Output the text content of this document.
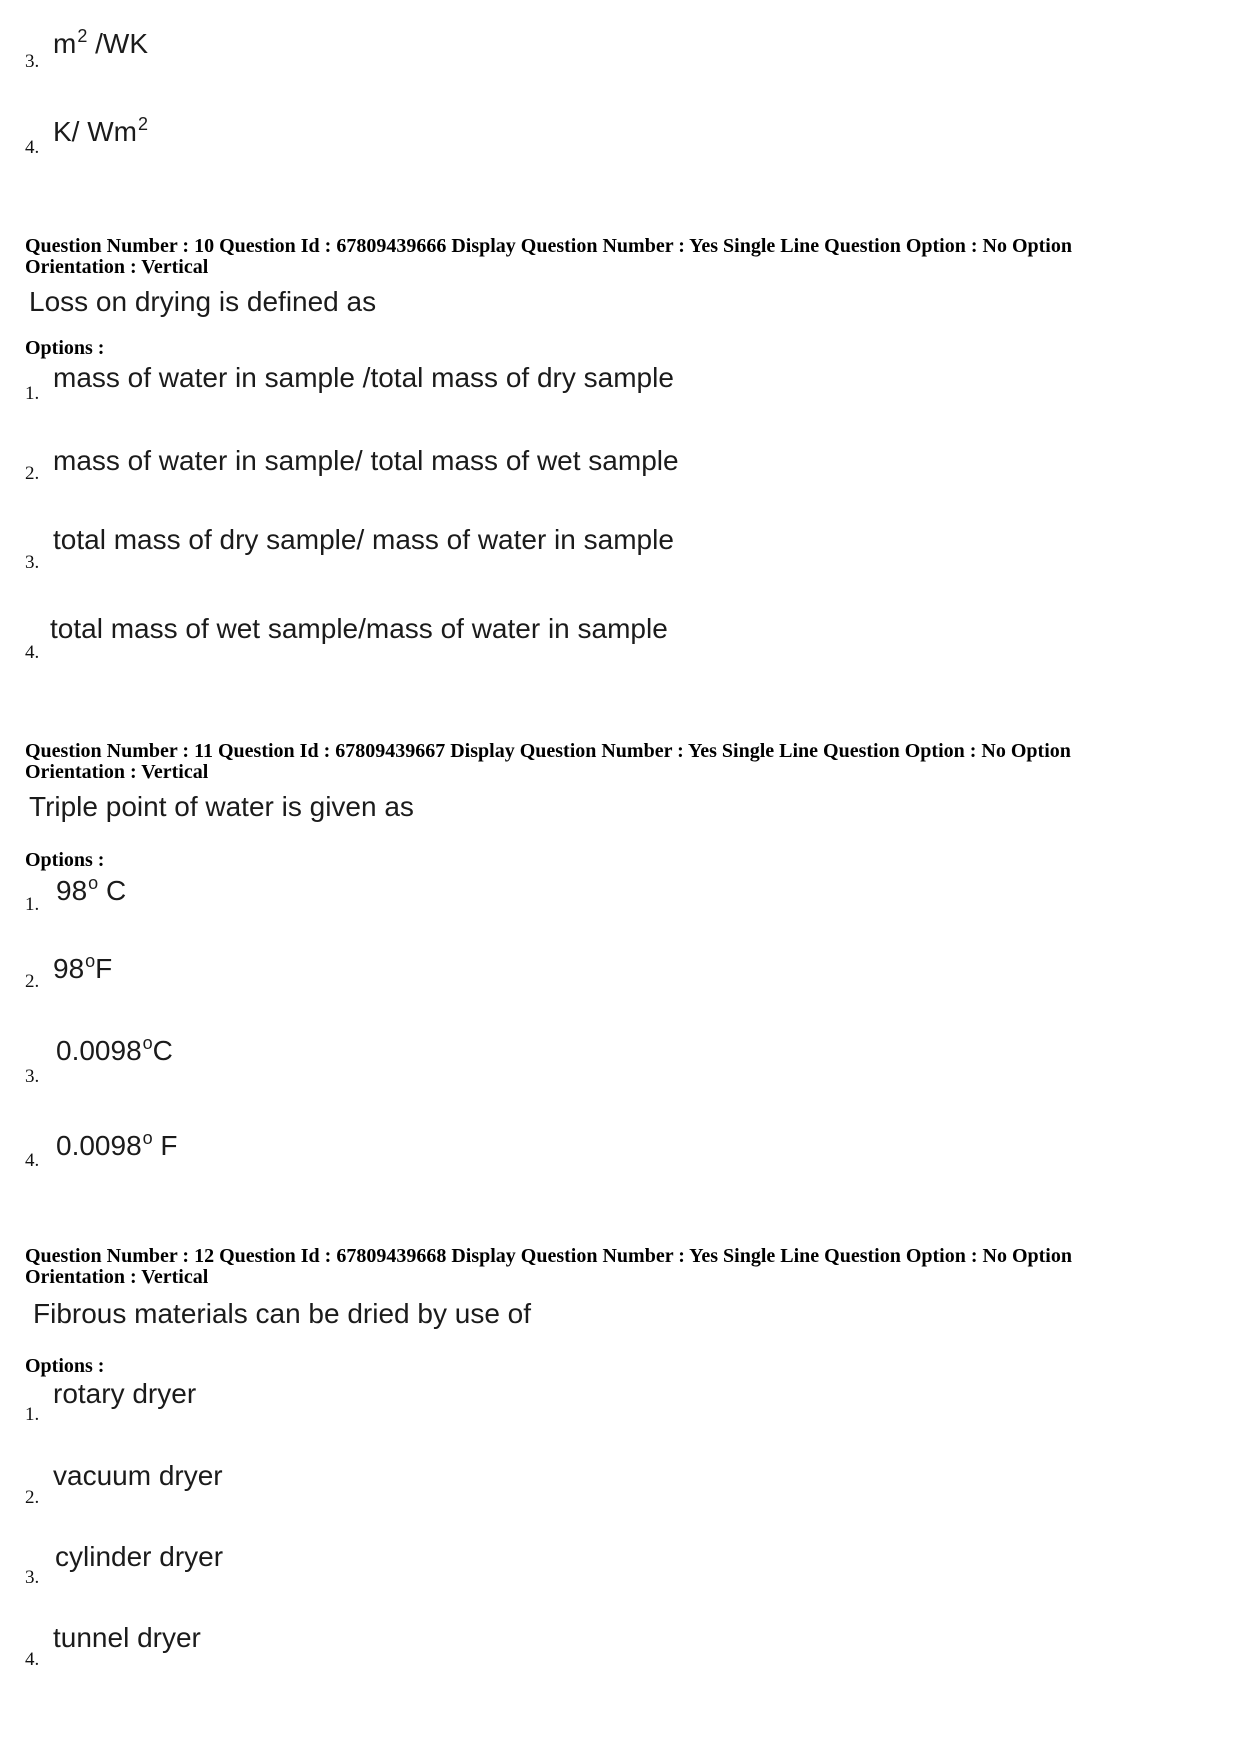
3.
$m^2$ /WK
4.
K/ Wm$^2$
Question Number : 10 Question Id : 67809439666 Display Question Number : Yes Single Line Question Option : No Option
Orientation : Vertical
Loss on drying is defined as
Options :
1.
mass of water in sample /total mass of dry sample
2. mass of water in sample/ total mass of wet sample
3.
total mass of dry sample/ mass of water in sample
4.
total mass of wet sample/mass of water in sample
Question Number : 11 Question Id : 67809439667 Display Question Number : Yes Single Line Question Option : No Option
Orientation : Vertical
Triple point of water is given as
Options :
1. 98$^o$ C
2. 98$^o$F
3.
0.0098$^o$C
4. 0.0098$^o$ F
Question Number : 12 Question Id : 67809439668 Display Question Number : Yes Single Line Question Option : No Option
Orientation : Vertical
Fibrous materials can be dried by use of
Options :
1.
rotary dryer
2.
vacuum dryer
3.
cylinder dryer
4.
tunnel dryer
